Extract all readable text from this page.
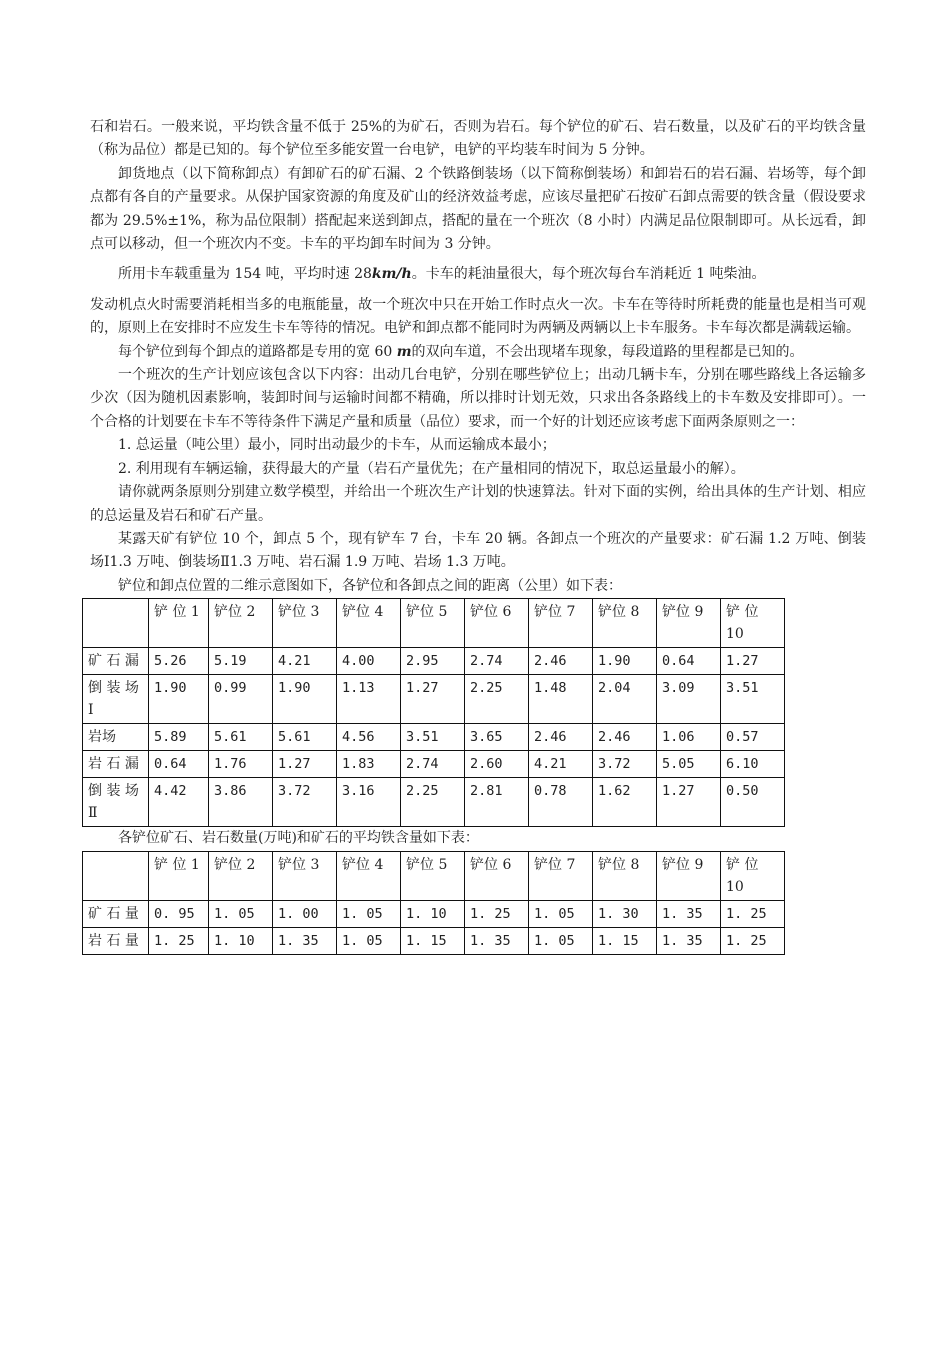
石和岩石。一般来说，平均铁含量不低于 25%的为矿石，否则为岩石。每个铲位的矿石、岩石数量，以及矿石的平均铁含量（称为品位）都是已知的。每个铲位至多能安置一台电铲，电铲的平均装车时间为 5 分钟。

卸货地点（以下简称卸点）有卸矿石的矿石漏、2 个铁路倒装场（以下简称倒装场）和卸岩石的岩石漏、岩场等，每个卸点都有各自的产量要求。从保护国家资源的角度及矿山的经济效益考虑，应该尽量把矿石按矿石卸点需要的铁含量（假设要求都为 29.5%±1%，称为品位限制）搭配起来送到卸点，搭配的量在一个班次（8 小时）内满足品位限制即可。从长远看，卸点可以移动，但一个班次内不变。卡车的平均卸车时间为 3 分钟。

所用卡车载重量为 154 吨，平均时速 28km/h。卡车的耗油量很大，每个班次每台车消耗近 1 吨柴油。

发动机点火时需要消耗相当多的电瓶能量，故一个班次中只在开始工作时点火一次。卡车在等待时所耗费的能量也是相当可观的，原则上在安排时不应发生卡车等待的情况。电铲和卸点都不能同时为两辆及两辆以上卡车服务。卡车每次都是满载运输。

每个铲位到每个卸点的道路都是专用的宽 60 m的双向车道，不会出现堵车现象，每段道路的里程都是已知的。

一个班次的生产计划应该包含以下内容：出动几台电铲，分别在哪些铲位上；出动几辆卡车，分别在哪些路线上各运输多少次（因为随机因素影响，装卸时间与运输时间都不精确，所以排时计划无效，只求出各条路线上的卡车数及安排即可）。一个合格的计划要在卡车不等待条件下满足产量和质量（品位）要求，而一个好的计划还应该考虑下面两条原则之一：

1. 总运量（吨公里）最小，同时出动最少的卡车，从而运输成本最小；

2. 利用现有车辆运输，获得最大的产量（岩石产量优先；在产量相同的情况下，取总运量最小的解）。

请你就两条原则分别建立数学模型，并给出一个班次生产计划的快速算法。针对下面的实例，给出具体的生产计划、相应的总运量及岩石和矿石产量。

某露天矿有铲位 10 个，卸点 5 个，现有铲车 7 台，卡车 20 辆。各卸点一个班次的产量要求：矿石漏 1.2 万吨、倒装场Ⅰ1.3 万吨、倒装场Ⅱ1.3 万吨、岩石漏 1.9 万吨、岩场 1.3 万吨。

铲位和卸点位置的二维示意图如下，各铲位和各卸点之间的距离（公里）如下表：

	铲 位 1	铲位 2	铲位 3	铲位 4	铲位 5	铲位 6	铲位 7	铲位 8	铲位 9	铲 位 10
矿 石 漏	5.26	5.19	4.21	4.00	2.95	2.74	2.46	1.90	0.64	1.27
倒 装 场Ⅰ	1.90	0.99	1.90	1.13	1.27	2.25	1.48	2.04	3.09	3.51
岩场	5.89	5.61	5.61	4.56	3.51	3.65	2.46	2.46	1.06	0.57
岩 石 漏	0.64	1.76	1.27	1.83	2.74	2.60	4.21	3.72	5.05	6.10
倒 装 场Ⅱ	4.42	3.86	3.72	3.16	2.25	2.81	0.78	1.62	1.27	0.50

各铲位矿石、岩石数量(万吨)和矿石的平均铁含量如下表：

	铲 位 1	铲位 2	铲位 3	铲位 4	铲位 5	铲位 6	铲位 7	铲位 8	铲位 9	铲 位 10
矿 石 量	0. 95	1. 05	1. 00	1. 05	1. 10	1. 25	1. 05	1. 30	1. 35	1. 25
岩 石 量	1. 25	1. 10	1. 35	1. 05	1. 15	1. 35	1. 05	1. 15	1. 35	1. 25
